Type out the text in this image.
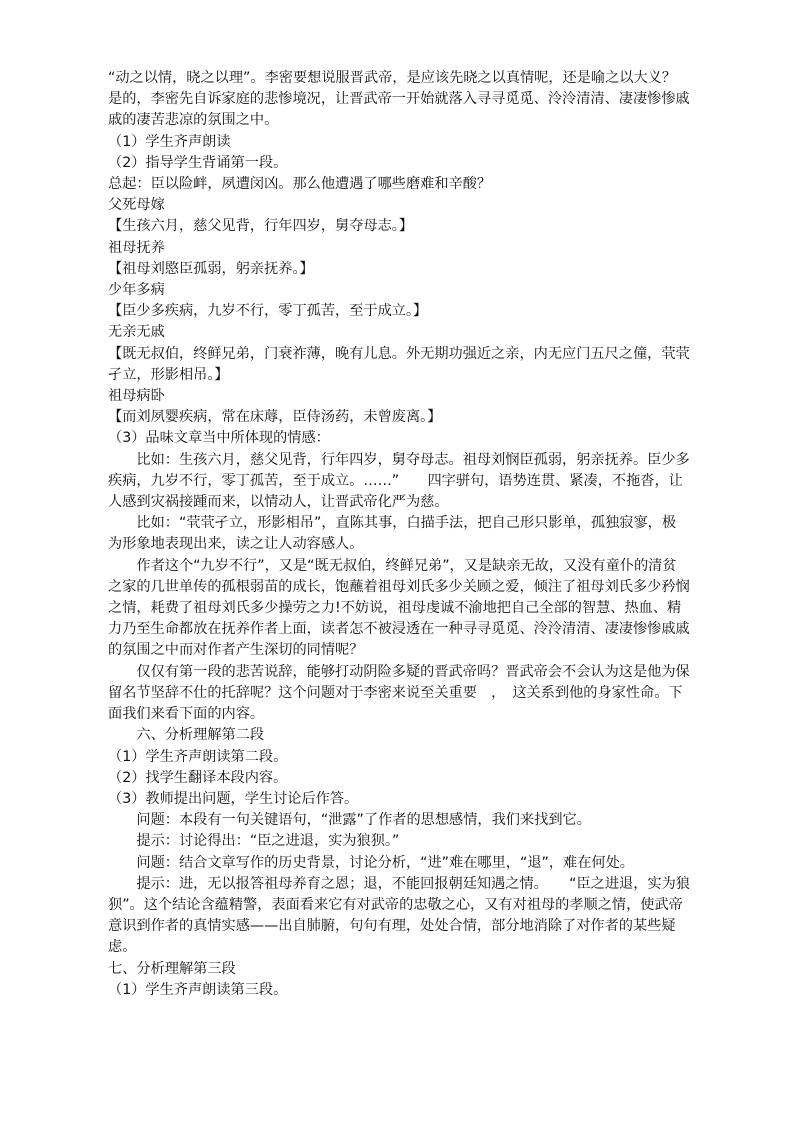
“动之以情，晓之以理”。李密要想说服晋武帝，是应该先晓之以真情呢，还是喻之以大义？是的，李密先自诉家庭的悲惨境况，让晋武帝一开始就落入寻寻觅觅、泠泠清清、凄凄惨惨戚戚的凄苦悲凉的氛围之中。

（1）学生齐声朗读

（2）指导学生背诵第一段。

总起：臣以险衅，夙遭闵凶。那么他遭遇了哪些磨难和辛酸？

父死母嫁

【生孩六月，慈父见背，行年四岁，舅夺母志。】

祖母抚养

【祖母刘愍臣孤弱，躬亲抚养。】

少年多病

【臣少多疾病，九岁不行，零丁孤苦，至于成立。】

无亲无戚

【既无叔伯，终鲜兄弟，门衰祚薄，晚有儿息。外无期功强近之亲，内无应门五尺之僮，茕茕孑立，形影相吊。】

祖母病卧

【而刘夙婴疾病，常在床蓐，臣侍汤药，未曾废离。】

（3）品味文章当中所体现的情感：

比如：生孩六月，慈父见背，行年四岁，舅夺母志。祖母刘悯臣孤弱，躬亲抚养。臣少多疾病，九岁不行，零丁孤苦，至于成立。……”　　四字骈句，语势连贯、紧凑，不拖沓，让人感到灾祸接踵而来，以情动人，让晋武帝化严为慈。

比如：“茕茕孑立，形影相吊”，直陈其事，白描手法，把自己形只影单，孤独寂寥，极为形象地表现出来，读之让人动容感人。

作者这个“九岁不行”，又是“既无叔伯，终鲜兄弟”，又是缺亲无故，又没有童仆的清贫之家的几世单传的孤根弱苗的成长，饱蘸着祖母刘氏多少关顾之爱，倾注了祖母刘氏多少矜悯之情，耗费了祖母刘氏多少操劳之力!不妨说，祖母虔诚不渝地把自己全部的智慧、热血、精力乃至生命都放在抚养作者上面，读者怎不被浸透在一种寻寻觅觅、泠泠清清、凄凄惨惨戚戚的氛围之中而对作者产生深切的同情呢？

仅仅有第一段的悲苦说辞，能够打动阴险多疑的晋武帝吗？晋武帝会不会认为这是他为保留名节坚辞不仕的托辞呢？这个问题对于李密来说至关重要　，　这关系到他的身家性命。下面我们来看下面的内容。

六、分析理解第二段

（1）学生齐声朗读第二段。

（2）找学生翻译本段内容。

（3）教师提出问题，学生讨论后作答。

问题：本段有一句关键语句，“泄露”了作者的思想感情，我们来找到它。

提示：讨论得出：“臣之进退，实为狼狈。”

问题：结合文章写作的历史背景，讨论分析，“进”难在哪里，“退”，难在何处。

提示：进，无以报答祖母养育之恩；退，不能回报朝廷知遇之情。　　“臣之进退，实为狼狈”。这个结论含蕴精警，表面看来它有对武帝的忠敬之心，又有对祖母的孝顺之情，使武帝意识到作者的真情实感——出自肺腑，句句有理，处处合情，部分地消除了对作者的某些疑虑。

七、分析理解第三段

（1）学生齐声朗读第三段。
